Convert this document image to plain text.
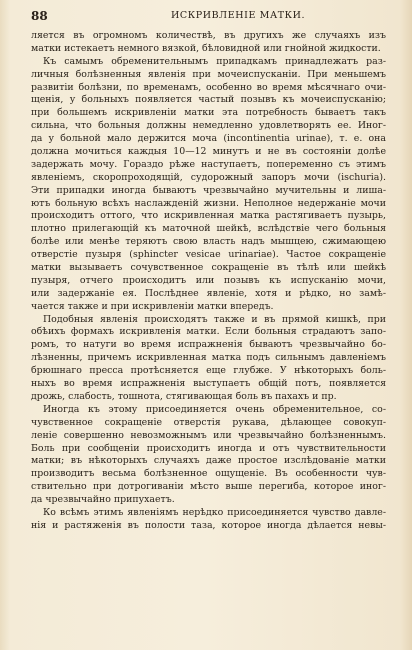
88	ИСКРИВЛЕНІЕ МАТКИ.
ляется въ огромномъ количествѣ, въ другихъ же случаяхъ изъ
матки истекаетъ немного вязкой, бѣловидной или гнойной жидкости.
Къ самымъ обременительнымъ припадкамъ принадлежатъ раз-
личныя болѣзненныя явленія при мочеиспусканіи. При меньшемъ
развитіи болѣзни, по временамъ, особенно во время мѣсячнаго очи-
щенія, у больныхъ появляется частый позывъ къ мочеиспусканію;
при большемъ искривленіи матки эта потребность бываетъ такъ
сильна, что больныя должны немедленно удовлетворять ее. Иног-
да у больной мало держится моча (incontinentia urinae), т. е. она
должна мочиться каждыя 10—12 минутъ и не въ состояніи долѣе
задержать мочу. Гораздо рѣже наступаетъ, попеременно съ этимъ
явленіемъ, скоропроходящій, судорожный запоръ мочи (ischuria).
Эти припадки иногда бываютъ чрезвычайно мучительны и лиша-
ютъ больную всѣхъ наслажденій жизни. Неполное недержаніе мочи
происходитъ оттого, что искривленная матка растягиваетъ пузырь,
плотно прилегающій къ маточной шейкѣ, вслѣдствіе чего больныя
болѣе или менѣе теряютъ свою власть надъ мышцею, сжимающею
отверстіе пузыря (sphincter vesicae urinariae). Частое сокращеніе
матки вызываетъ сочувственное сокращеніе въ тѣлѣ или шейкѣ
пузыря, отчего происходитъ или позывъ къ испусканію мочи,
или задержаніе ея. Послѣднее явленіе, хотя и рѣдко, но замѣ-
чается также и при искривленіи матки впередъ.
Подобныя явленія происходятъ также и въ прямой кишкѣ, при
обѣихъ формахъ искривленія матки. Если больныя страдаютъ запо-
ромъ, то натуги во время испражненія бываютъ чрезвычайно бо-
лѣзненны, причемъ искривленная матка подъ сильнымъ давленіемъ
брюшнаго пресса протѣсняется еще глубже. У нѣкоторыхъ боль-
ныхъ во время испражненія выступаетъ общій потъ, появляется
дрожь, слабость, тошнота, стягивающая боль въ пахахъ и пр.
Иногда къ этому присоединяется очень обременительное, со-
чувственное сокращеніе отверстія рукава, дѣлающее совокуп-
леніе совершенно невозможнымъ или чрезвычайно болѣзненнымъ.
Боль при сообщеніи происходитъ иногда и отъ чувствительности
матки; въ нѣкоторыхъ случаяхъ даже простое изслѣдованіе матки
производитъ весьма болѣзненное ощущеніе. Въ особенности чув-
ствительно при дотрогиваніи мѣсто выше перегиба, которое иног-
да чрезвычайно припухаетъ.
Ко всѣмъ этимъ явленіямъ нерѣдко присоединяется чувство давле-
нія и растяженія въ полости таза, которое иногда дѣлается невы-
